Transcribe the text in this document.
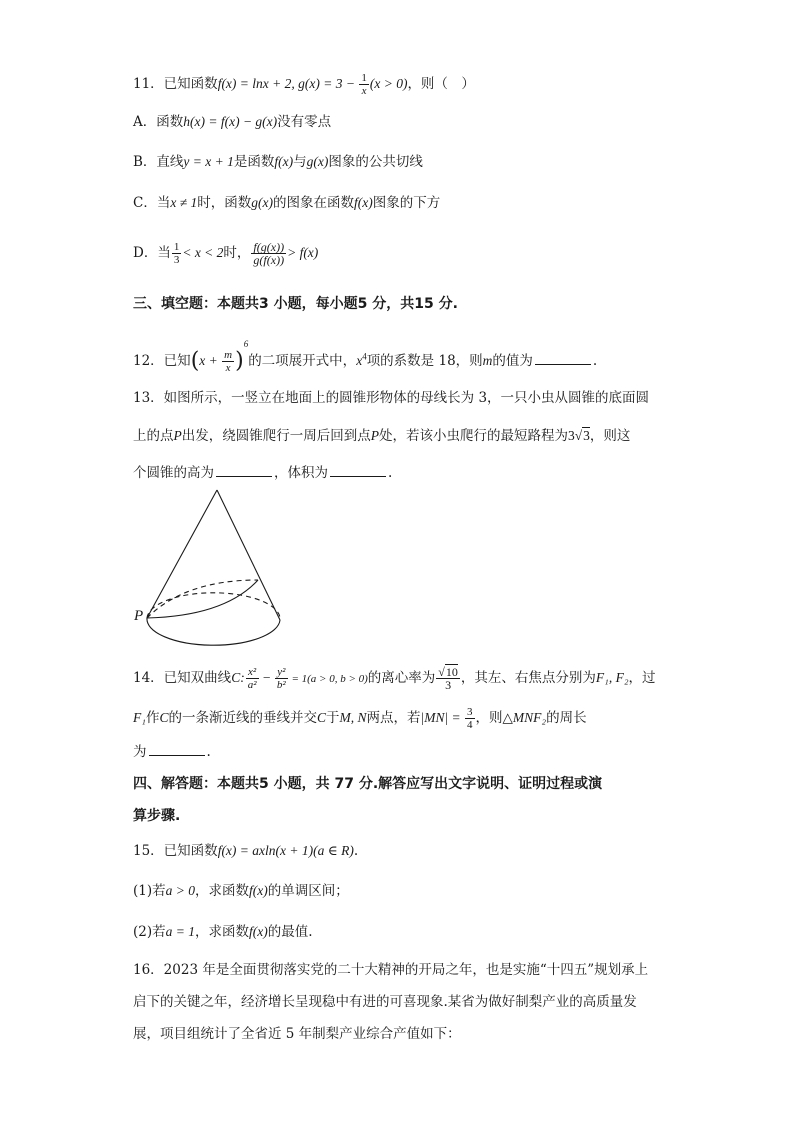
11．已知函数f(x) = lnx + 2, $g(x) = 3 - \frac{1}{x} (x > 0)$，则（　）
A．函数h(x) = f(x) − g(x)没有零点
B．直线y = x + 1是函数f(x)与g(x)图象的公共切线
C．当x ≠ 1时，函数g(x)的图象在函数f(x)图象的下方
D．当 $\frac{1}{3} < x < 2$时， $\frac{f(g(x))}{g(f(x))} > f(x)$
三、填空题：本题共3 小题，每小题5 分，共15 分.
12．已知$(x + \frac{m}{x} )^6$的二项展开式中，$x^4$项的系数是 18，则m的值为	.
13．如图所示，一竖立在地面上的圆锥形物体的母线长为 3，一只小虫从圆锥的底面圆
上的点P出发，绕圆锥爬行一周后回到点P处，若该小虫爬行的最短路程为3√3，则这
个圆锥的高为	，体积为	.
P
14．已知双曲线C: $\frac{\text{x²}}{\text{a²}} - \frac{\text{y²}}{\text{b²}} = 1(a > 0$, b > 0)的离心率为 $\frac{√10}{3}$ ，其左、右焦点分别为F₁, F₂，过
F₁作C的一条渐近线的垂线并交C于M, N两点，若$|MN| = \frac{3}{4}$ ，则△MNF₂的周长
为	.
四、解答题：本题共5 小题，共 77 分.解答应写出文字说明、证明过程或演
算步骤.
15．已知函数f(x) = axln(x + 1)(a ∈ R).
(1)若a > 0，求函数f(x)的单调区间；
(2)若a = 1，求函数f(x)的最值.
16．2023 年是全面贯彻落实党的二十大精神的开局之年，也是实施“十四五”规划承上
启下的关键之年，经济增长呈现稳中有进的可喜现象.某省为做好制梨产业的高质量发
展，项目组统计了全省近 5 年制梨产业综合产值如下：
